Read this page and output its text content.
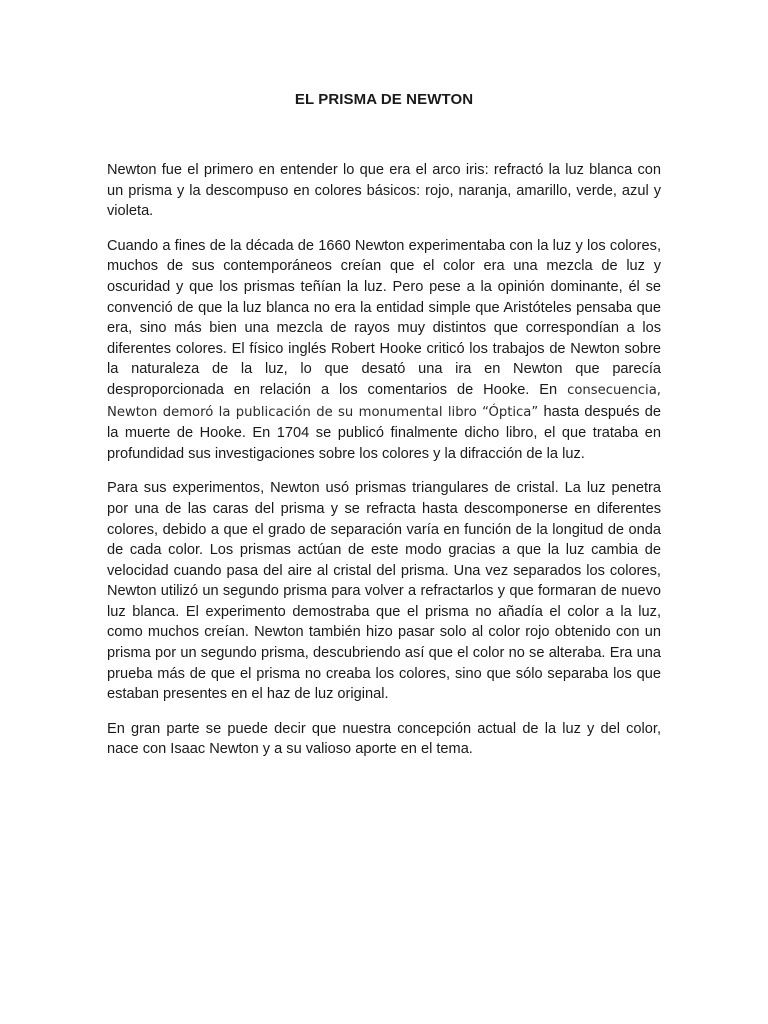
EL PRISMA DE NEWTON

Newton fue el primero en entender lo que era el arco iris: refractó la luz blanca con un prisma y la descompuso en colores básicos: rojo, naranja, amarillo, verde, azul y violeta.

Cuando a fines de la década de 1660 Newton experimentaba con la luz y los colores, muchos de sus contemporáneos creían que el color era una mezcla de luz y oscuridad y que los prismas teñían la luz. Pero pese a la opinión dominante, él se convenció de que la luz blanca no era la entidad simple que Aristóteles pensaba que era, sino más bien una mezcla de rayos muy distintos que correspondían a los diferentes colores. El físico inglés Robert Hooke criticó los trabajos de Newton sobre la naturaleza de la luz, lo que desató una ira en Newton que parecía desproporcionada en relación a los comentarios de Hooke. En consecuencia, Newton demoró la publicación de su monumental libro “Óptica” hasta después de la muerte de Hooke. En 1704 se publicó finalmente dicho libro, el que trataba en profundidad sus investigaciones sobre los colores y la difracción de la luz.

Para sus experimentos, Newton usó prismas triangulares de cristal. La luz penetra por una de las caras del prisma y se refracta hasta descomponerse en diferentes colores, debido a que el grado de separación varía en función de la longitud de onda de cada color. Los prismas actúan de este modo gracias a que la luz cambia de velocidad cuando pasa del aire al cristal del prisma. Una vez separados los colores, Newton utilizó un segundo prisma para volver a refractarlos y que formaran de nuevo luz blanca. El experimento demostraba que el prisma no añadía el color a la luz, como muchos creían. Newton también hizo pasar solo al color rojo obtenido con un prisma por un segundo prisma, descubriendo así que el color no se alteraba. Era una prueba más de que el prisma no creaba los colores, sino que sólo separaba los que estaban presentes en el haz de luz original.

En gran parte se puede decir que nuestra concepción actual de la luz y del color, nace con Isaac Newton y a su valioso aporte en el tema.
